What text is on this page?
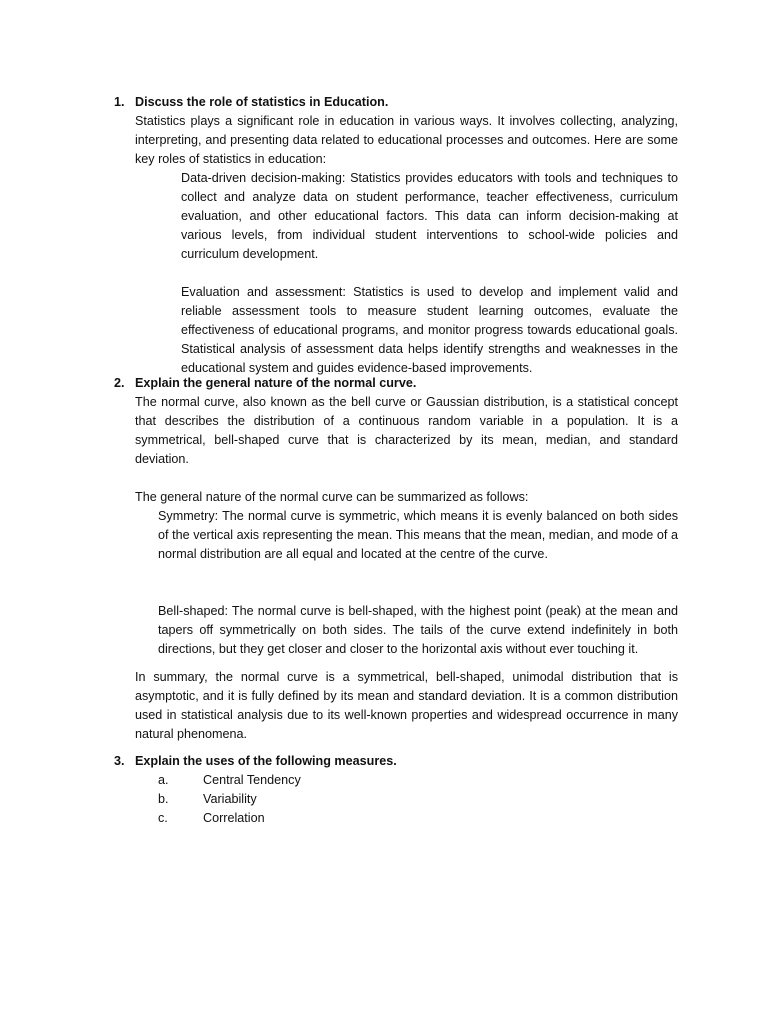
1. Discuss the role of statistics in Education.

Statistics plays a significant role in education in various ways. It involves collecting, analyzing, interpreting, and presenting data related to educational processes and outcomes. Here are some key roles of statistics in education:

Data-driven decision-making: Statistics provides educators with tools and techniques to collect and analyze data on student performance, teacher effectiveness, curriculum evaluation, and other educational factors. This data can inform decision-making at various levels, from individual student interventions to school-wide policies and curriculum development.

Evaluation and assessment: Statistics is used to develop and implement valid and reliable assessment tools to measure student learning outcomes, evaluate the effectiveness of educational programs, and monitor progress towards educational goals. Statistical analysis of assessment data helps identify strengths and weaknesses in the educational system and guides evidence-based improvements.

2. Explain the general nature of the normal curve.

The normal curve, also known as the bell curve or Gaussian distribution, is a statistical concept that describes the distribution of a continuous random variable in a population. It is a symmetrical, bell-shaped curve that is characterized by its mean, median, and standard deviation.

The general nature of the normal curve can be summarized as follows:

Symmetry: The normal curve is symmetric, which means it is evenly balanced on both sides of the vertical axis representing the mean. This means that the mean, median, and mode of a normal distribution are all equal and located at the centre of the curve.

Bell-shaped: The normal curve is bell-shaped, with the highest point (peak) at the mean and tapers off symmetrically on both sides. The tails of the curve extend indefinitely in both directions, but they get closer and closer to the horizontal axis without ever touching it.

In summary, the normal curve is a symmetrical, bell-shaped, unimodal distribution that is asymptotic, and it is fully defined by its mean and standard deviation. It is a common distribution used in statistical analysis due to its well-known properties and widespread occurrence in many natural phenomena.

3. Explain the uses of the following measures.

a.	Central Tendency
b.	Variability
c.	Correlation
